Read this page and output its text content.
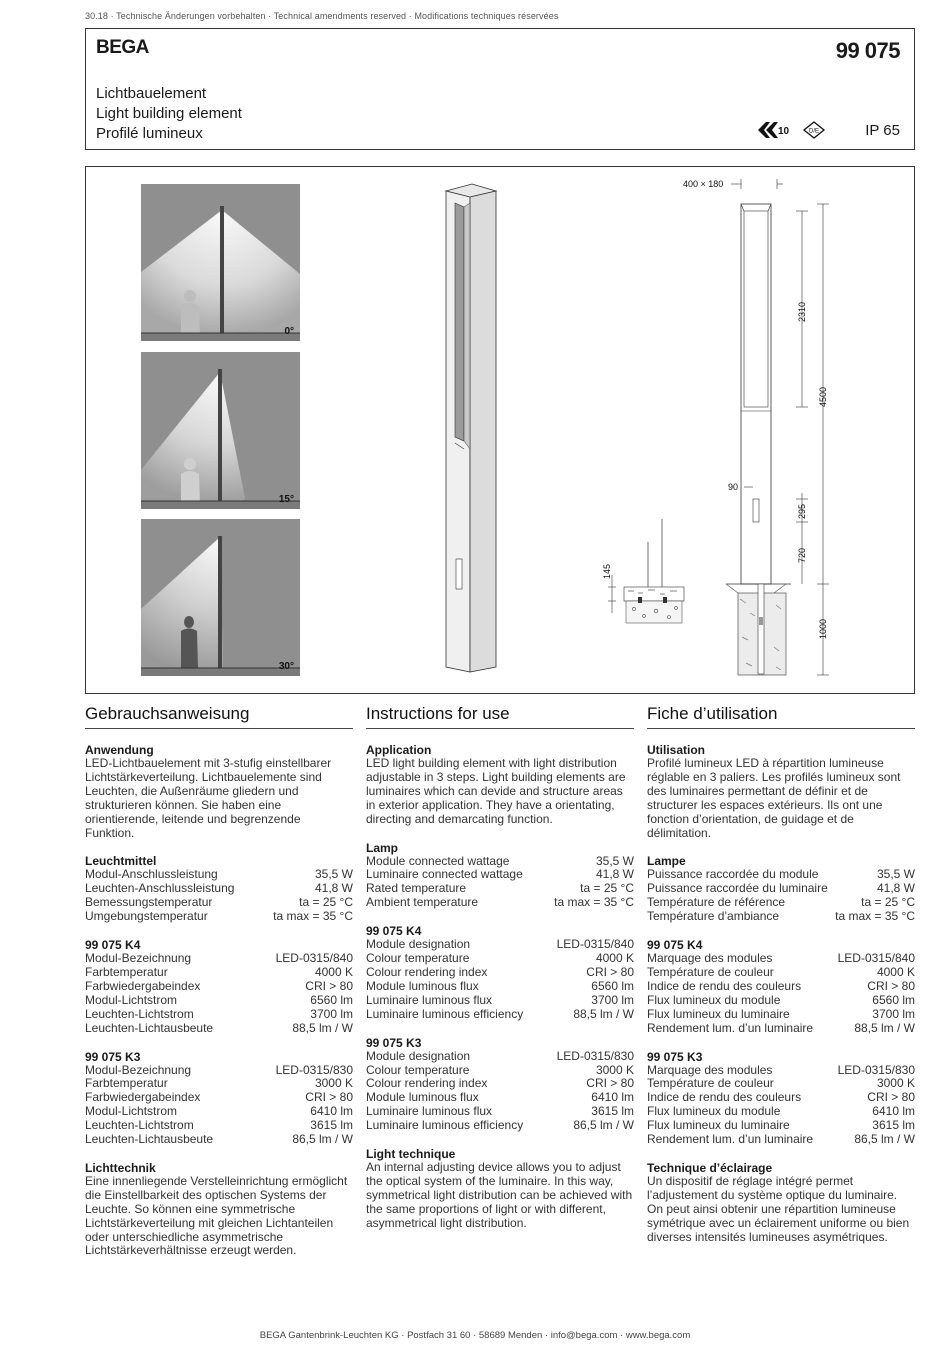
30.18 · Technische Änderungen vorbehalten · Technical amendments reserved · Modifications techniques réservées
BEGA	99 075
Lichtbauelement
Light building element
Profilé lumineux	10	D/E	IP 65
0°
15°
30°
145
400 × 180
2310
4500
90
295
720
1000
Gebrauchsanweisung
Anwendung

LED-Lichtbauelement mit 3-stufig einstellbarer Lichtstärkeverteilung. Lichtbauelemente sind Leuchten, die Außenräume gliedern und strukturieren können. Sie haben eine orientierende, leitende und begrenzende Funktion.

Leuchtmittel
Modul-Anschlussleistung	35,5 W
Leuchten-Anschlussleistung	41,8 W
Bemessungstemperatur	ta = 25 °C
Umgebungstemperatur	ta max = 35 °C
99 075 K4
Modul-Bezeichnung	LED-0315/840
Farbtemperatur	4000 K
Farbwiedergabeindex	CRI > 80
Modul-Lichtstrom	6560 lm
Leuchten-Lichtstrom	3700 lm
Leuchten-Lichtausbeute	88,5 lm / W
99 075 K3
Modul-Bezeichnung	LED-0315/830
Farbtemperatur	3000 K
Farbwiedergabeindex	CRI > 80
Modul-Lichtstrom	6410 lm
Leuchten-Lichtstrom	3615 lm
Leuchten-Lichtausbeute	86,5 lm / W
Lichttechnik

Eine innenliegende Verstelleinrichtung ermöglicht die Einstellbarkeit des optischen Systems der Leuchte. So können eine symmetrische Lichtstärkeverteilung mit gleichen Lichtanteilen oder unterschiedliche asymmetrische Lichtstärkeverhältnisse erzeugt werden.

Instructions for use
Application

LED light building element with light distribution adjustable in 3 steps. Light building elements are luminaires which can devide and structure areas in exterior application. They have a orientating, directing and demarcating function.

Lamp
Module connected wattage	35,5 W
Luminaire connected wattage	41,8 W
Rated temperature	ta = 25 °C
Ambient temperature	ta max = 35 °C
99 075 K4
Module designation	LED-0315/840
Colour temperature	4000 K
Colour rendering index	CRI > 80
Module luminous flux	6560 lm
Luminaire luminous flux	3700 lm
Luminaire luminous efficiency	88,5 lm / W
99 075 K3
Module designation	LED-0315/830
Colour temperature	3000 K
Colour rendering index	CRI > 80
Module luminous flux	6410 lm
Luminaire luminous flux	3615 lm
Luminaire luminous efficiency	86,5 lm / W
Light technique

An internal adjusting device allows you to adjust the optical system of the luminaire. In this way, symmetrical light distribution can be achieved with the same proportions of light or with different, asymmetrical light distribution.

Fiche d’utilisation
Utilisation

Profilé lumineux LED à répartition lumineuse réglable en 3 paliers. Les profilés lumineux sont des luminaires permettant de définir et de structurer les espaces extérieurs. Ils ont une fonction d’orientation, de guidage et de délimitation.

Lampe
Puissance raccordée du module	35,5 W
Puissance raccordée du luminaire	41,8 W
Température de référence	ta = 25 °C
Température d’ambiance	ta max = 35 °C
99 075 K4
Marquage des modules	LED-0315/840
Température de couleur	4000 K
Indice de rendu des couleurs	CRI > 80
Flux lumineux du module	6560 lm
Flux lumineux du luminaire	3700 lm
Rendement lum. d’un luminaire	88,5 lm / W
99 075 K3
Marquage des modules	LED-0315/830
Température de couleur	3000 K
Indice de rendu des couleurs	CRI > 80
Flux lumineux du module	6410 lm
Flux lumineux du luminaire	3615 lm
Rendement lum. d’un luminaire	86,5 lm / W
Technique d’éclairage

Un dispositif de réglage intégré permet l’adjustement du système optique du luminaire. On peut ainsi obtenir une répartition lumineuse symétrique avec un éclairement uniforme ou bien diverses intensités lumineuses asymétriques.

BEGA Gantenbrink-Leuchten KG · Postfach 31 60 · 58689 Menden · info@bega.com · www.bega.com
